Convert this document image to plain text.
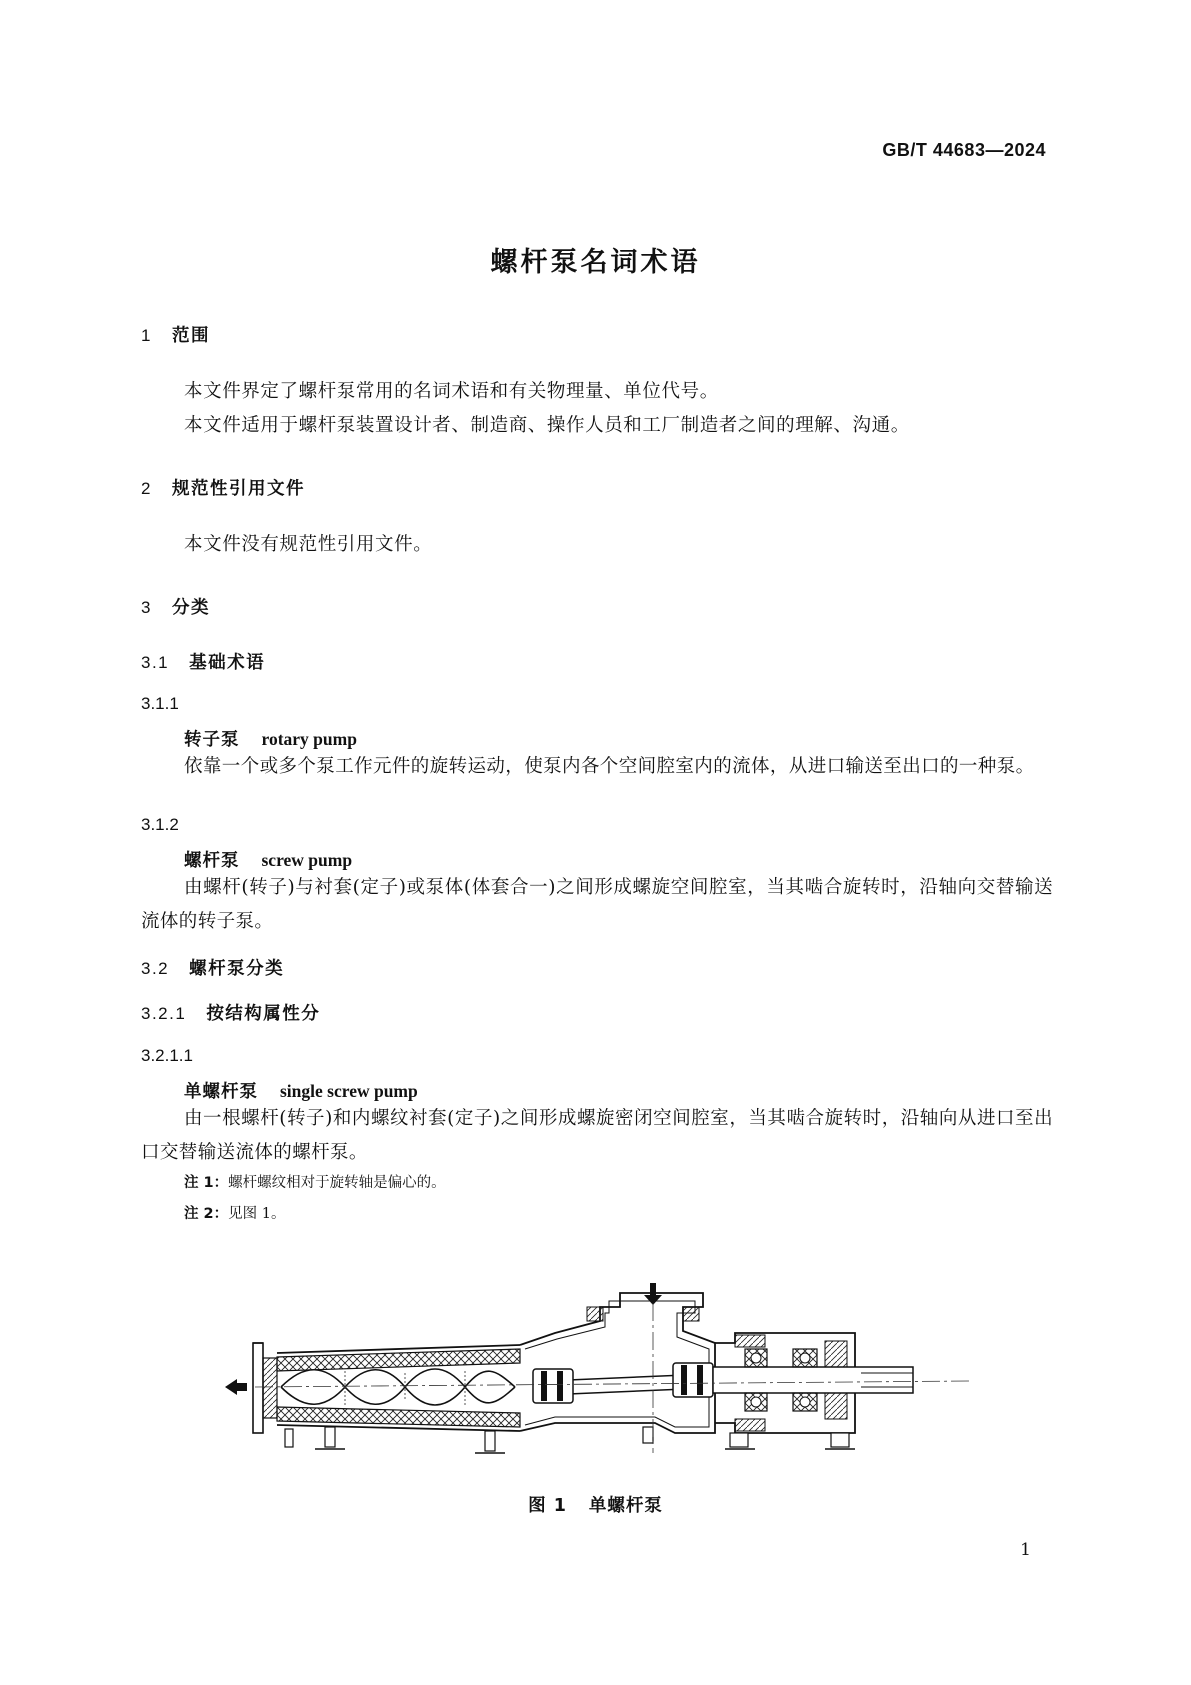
GB/T 44683—2024
螺杆泵名词术语
1 范围
本文件界定了螺杆泵常用的名词术语和有关物理量、单位代号。
本文件适用于螺杆泵装置设计者、制造商、操作人员和工厂制造者之间的理解、沟通。
2 规范性引用文件
本文件没有规范性引用文件。
3 分类
3.1 基础术语
3.1.1
转子泵 rotary pump
依靠一个或多个泵工作元件的旋转运动，使泵内各个空间腔室内的流体，从进口输送至出口的一种泵。
3.1.2
螺杆泵 screw pump
由螺杆(转子)与衬套(定子)或泵体(体套合一)之间形成螺旋空间腔室，当其啮合旋转时，沿轴向交替输送流体的转子泵。
3.2 螺杆泵分类
3.2.1 按结构属性分
3.2.1.1
单螺杆泵 single screw pump
由一根螺杆(转子)和内螺纹衬套(定子)之间形成螺旋密闭空间腔室，当其啮合旋转时，沿轴向从进口至出口交替输送流体的螺杆泵。
注 1：螺杆螺纹相对于旋转轴是偏心的。
注 2：见图 1。
图 1 单螺杆泵
1
